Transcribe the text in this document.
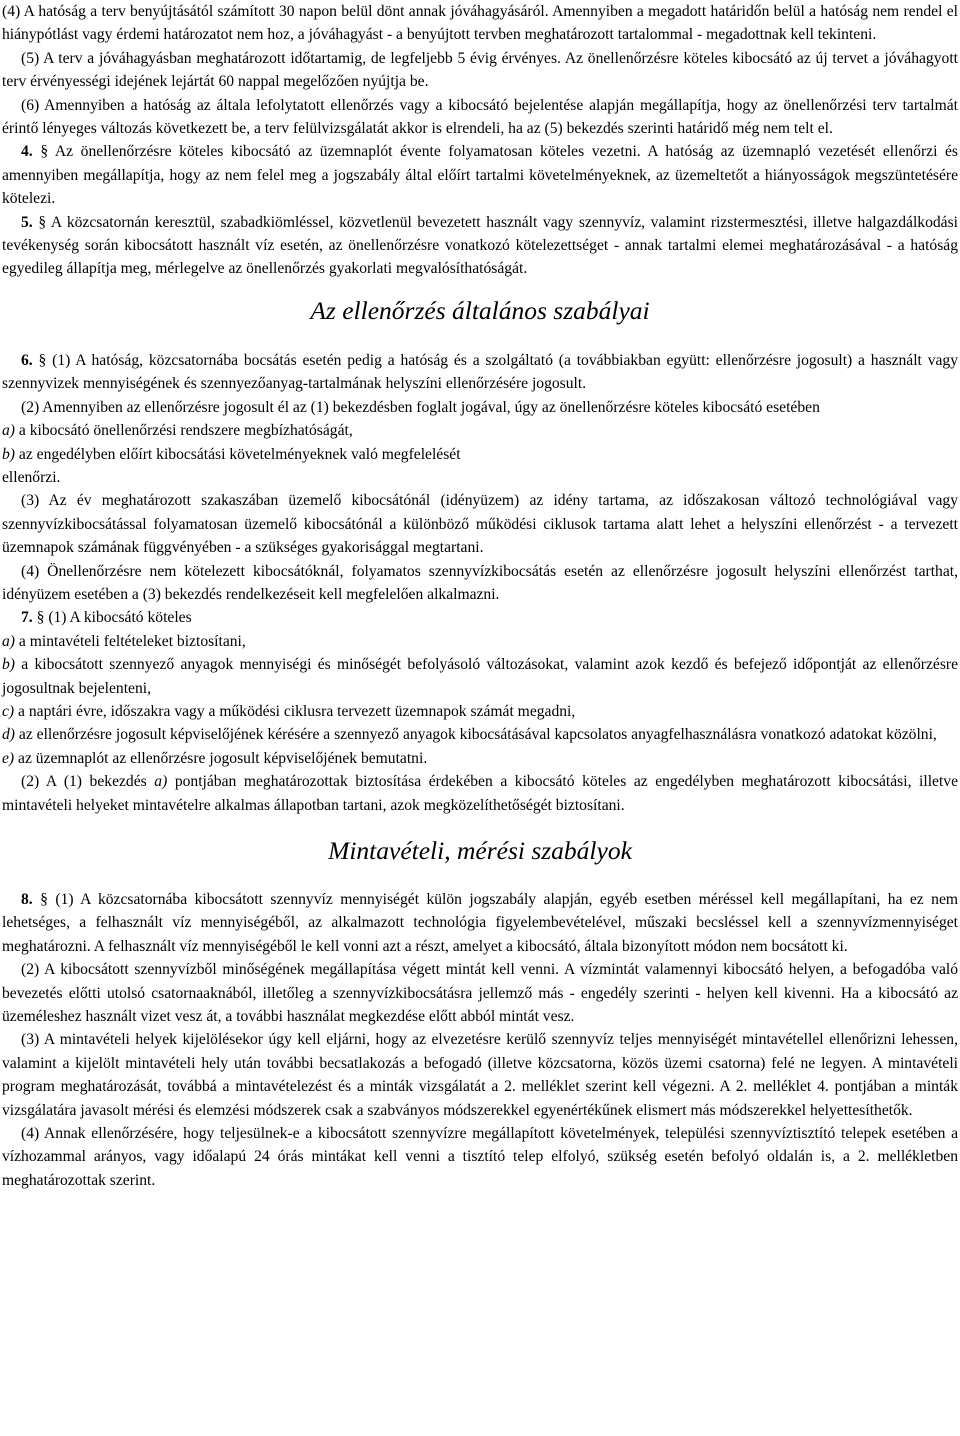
(4) A hatóság a terv benyújtásától számított 30 napon belül dönt annak jóváhagyásáról. Amennyiben a megadott határidőn belül a hatóság nem rendel el hiánypótlást vagy érdemi határozatot nem hoz, a jóváhagyást - a benyújtott tervben meghatározott tartalommal - megadottnak kell tekinteni.

(5) A terv a jóváhagyásban meghatározott időtartamig, de legfeljebb 5 évig érvényes. Az önellenőrzésre köteles kibocsátó az új tervet a jóváhagyott terv érvényességi idejének lejártát 60 nappal megelőzően nyújtja be.

(6) Amennyiben a hatóság az általa lefolytatott ellenőrzés vagy a kibocsátó bejelentése alapján megállapítja, hogy az önellenőrzési terv tartalmát érintő lényeges változás következett be, a terv felülvizsgálatát akkor is elrendeli, ha az (5) bekezdés szerinti határidő még nem telt el.

4. § Az önellenőrzésre köteles kibocsátó az üzemnaplót évente folyamatosan köteles vezetni. A hatóság az üzemnapló vezetését ellenőrzi és amennyiben megállapítja, hogy az nem felel meg a jogszabály által előírt tartalmi követelményeknek, az üzemeltetőt a hiányosságok megszüntetésére kötelezi.

5. § A közcsatornán keresztül, szabadkiömléssel, közvetlenül bevezetett használt vagy szennyvíz, valamint rizstermesztési, illetve halgazdálkodási tevékenység során kibocsátott használt víz esetén, az önellenőrzésre vonatkozó kötelezettséget - annak tartalmi elemei meghatározásával - a hatóság egyedileg állapítja meg, mérlegelve az önellenőrzés gyakorlati megvalósíthatóságát.

Az ellenőrzés általános szabályai

6. § (1) A hatóság, közcsatornába bocsátás esetén pedig a hatóság és a szolgáltató (a továbbiakban együtt: ellenőrzésre jogosult) a használt vagy szennyvizek mennyiségének és szennyezőanyag-tartalmának helyszíni ellenőrzésére jogosult.

(2) Amennyiben az ellenőrzésre jogosult él az (1) bekezdésben foglalt jogával, úgy az önellenőrzésre köteles kibocsátó esetében

a) a kibocsátó önellenőrzési rendszere megbízhatóságát,

b) az engedélyben előírt kibocsátási követelményeknek való megfelelését

ellenőrzi.

(3) Az év meghatározott szakaszában üzemelő kibocsátónál (idényüzem) az idény tartama, az időszakosan változó technológiával vagy szennyvízkibocsátással folyamatosan üzemelő kibocsátónál a különböző működési ciklusok tartama alatt lehet a helyszíni ellenőrzést - a tervezett üzemnapok számának függvényében - a szükséges gyakorisággal megtartani.

(4) Önellenőrzésre nem kötelezett kibocsátóknál, folyamatos szennyvízkibocsátás esetén az ellenőrzésre jogosult helyszíni ellenőrzést tarthat, idényüzem esetében a (3) bekezdés rendelkezéseit kell megfelelően alkalmazni.

7. § (1) A kibocsátó köteles

a) a mintavételi feltételeket biztosítani,

b) a kibocsátott szennyező anyagok mennyiségi és minőségét befolyásoló változásokat, valamint azok kezdő és befejező időpontját az ellenőrzésre jogosultnak bejelenteni,

c) a naptári évre, időszakra vagy a működési ciklusra tervezett üzemnapok számát megadni,

d) az ellenőrzésre jogosult képviselőjének kérésére a szennyező anyagok kibocsátásával kapcsolatos anyagfelhasználásra vonatkozó adatokat közölni,

e) az üzemnaplót az ellenőrzésre jogosult képviselőjének bemutatni.

(2) A (1) bekezdés a) pontjában meghatározottak biztosítása érdekében a kibocsátó köteles az engedélyben meghatározott kibocsátási, illetve mintavételi helyeket mintavételre alkalmas állapotban tartani, azok megközelíthetőségét biztosítani.

Mintavételi, mérési szabályok

8. § (1) A közcsatornába kibocsátott szennyvíz mennyiségét külön jogszabály alapján, egyéb esetben méréssel kell megállapítani, ha ez nem lehetséges, a felhasznált víz mennyiségéből, az alkalmazott technológia figyelembevételével, műszaki becsléssel kell a szennyvízmennyiséget meghatározni. A felhasznált víz mennyiségéből le kell vonni azt a részt, amelyet a kibocsátó, általa bizonyított módon nem bocsátott ki.

(2) A kibocsátott szennyvízből minőségének megállapítása végett mintát kell venni. A vízmintát valamennyi kibocsátó helyen, a befogadóba való bevezetés előtti utolsó csatornaaknából, illetőleg a szennyvízkibocsátásra jellemző más - engedély szerinti - helyen kell kivenni. Ha a kibocsátó az üzeméleshez használt vizet vesz át, a további használat megkezdése előtt abból mintát vesz.

(3) A mintavételi helyek kijelölésekor úgy kell eljárni, hogy az elvezetésre kerülő szennyvíz teljes mennyiségét mintavétellel ellenőrizni lehessen, valamint a kijelölt mintavételi hely után további becsatlakozás a befogadó (illetve közcsatorna, közös üzemi csatorna) felé ne legyen. A mintavételi program meghatározását, továbbá a mintavételezést és a minták vizsgálatát a 2. melléklet szerint kell végezni. A 2. melléklet 4. pontjában a minták vizsgálatára javasolt mérési és elemzési módszerek csak a szabványos módszerekkel egyenértékűnek elismert más módszerekkel helyettesíthetők.

(4) Annak ellenőrzésére, hogy teljesülnek-e a kibocsátott szennyvízre megállapított követelmények, települési szennyvíztisztító telepek esetében a vízhozammal arányos, vagy időalapú 24 órás mintákat kell venni a tisztító telep elfolyó, szükség esetén befolyó oldalán is, a 2. mellékletben meghatározottak szerint.
